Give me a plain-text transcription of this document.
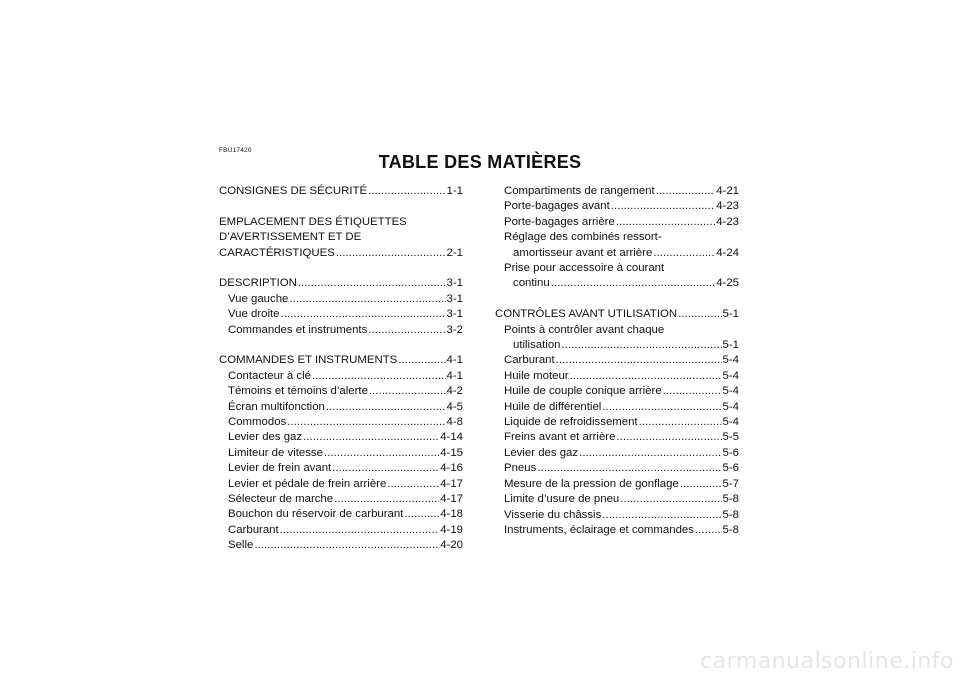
FBU17420
TABLE DES MATIÈRES
CONSIGNES DE SÉCURITÉ . . .	1-1
EMPLACEMENT DES ÉTIQUETTES
D’AVERTISSEMENT ET DE
CARACTÉRISTIQUES . . .	2-1
DESCRIPTION . . .	3-1
Vue gauche . . .	3-1
Vue droite . . .	3-1
Commandes et instruments . . .	3-2
COMMANDES ET INSTRUMENTS . . .	4-1
Contacteur à clé . . .	4-1
Témoins et témoins d’alerte . . .	4-2
Écran multifonction . . .	4-5
Commodos . . .	4-8
Levier des gaz . . .	4-14
Limiteur de vitesse . . .	4-15
Levier de frein avant . . .	4-16
Levier et pédale de frein arrière . . .	4-17
Sélecteur de marche . . .	4-17
Bouchon du réservoir de carburant . . .	4-18
Carburant . . .	4-19
Selle . . .	4-20
Compartiments de rangement . . .	4-21
Porte-bagages avant . . .	4-23
Porte-bagages arrière . . .	4-23
Réglage des combinés ressort-
amortisseur avant et arrière . . .	4-24
Prise pour accessoire à courant
continu . . .	4-25
CONTRÔLES AVANT UTILISATION . . .	5-1
Points à contrôler avant chaque
utilisation . . .	5-1
Carburant . . .	5-4
Huile moteur . . .	5-4
Huile de couple conique arrière . . .	5-4
Huile de différentiel . . .	5-4
Liquide de refroidissement . . .	5-4
Freins avant et arrière . . .	5-5
Levier des gaz . . .	5-6
Pneus . . .	5-6
Mesure de la pression de gonflage . . .	5-7
Limite d’usure de pneu . . .	5-8
Visserie du châssis . . .	5-8
Instruments, éclairage et commandes . . .	5-8
carmanualsonline.info
